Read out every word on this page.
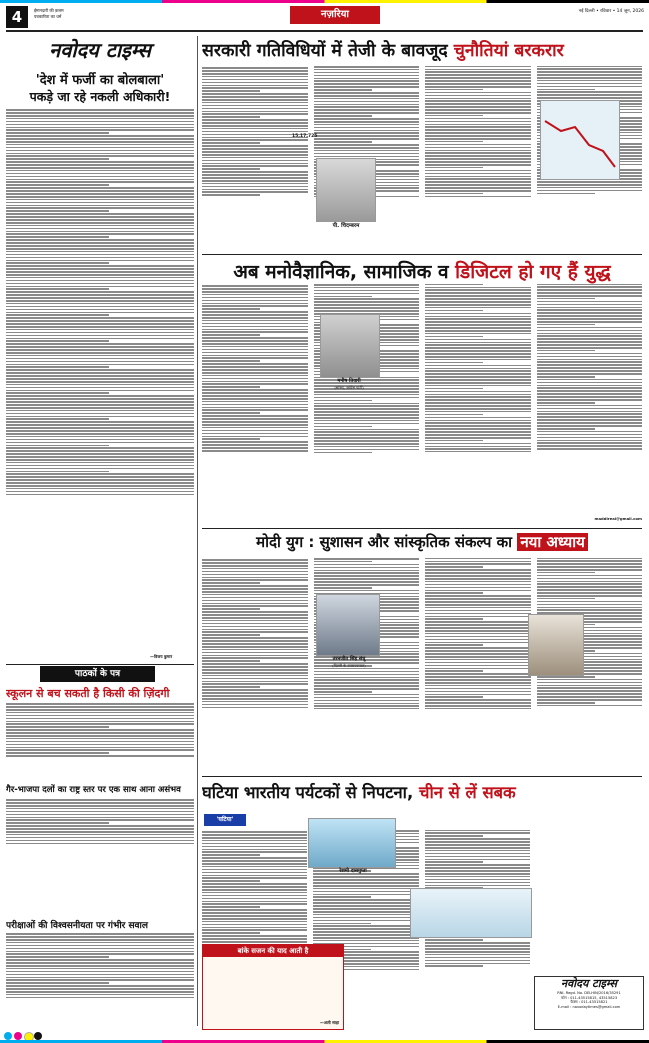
4	ईमानदारी की क़लम
पत्रकारिता का धर्म	नज़रिया	नई दिल्ली • रविवार • 14 जून, 2026
नवोदय टाइम्स
'देश में फर्जी का बोलबाला'
पकड़े जा रहे नकली अधिकारी!
—विजय कुमार
पाठकों के पत्र
स्कूलन से बच सकती है किसी की ज़िंदगी
गैर-भाजपा दलों का राष्ट्र स्तर पर एक साथ आना असंभव
परीक्षाओं की विश्वसनीयता पर गंभीर सवाल
सरकारी गतिविधियों में तेजी के बावजूद चुनौतियां बरकरार
पी. चिदम्बरम
15,17,725
अब मनोवैज्ञानिक, सामाजिक व डिजिटल हो गए हैं युद्ध
मनीष तिवारी
(सांसद, कांग्रेस पार्टी)
maddireal@gmail.com
मोदी युग : सुशासन और सांस्कृतिक संकल्प का नया अध्याय
तरनजीत सिंह संधू
(दिल्ली के उपराज्यपाल)
घटिया भारतीय पर्यटकों से निपटना, चीन से लें सबक
'घटिया'
रेशमी दासगुप्ता
बांके सजन की याद आती है
—अली साहा
नवोदय टाइम्स
RNI. Regd. No. DELHIN/2016/35291
फोन : 011-43515815, 43515823
फैक्स : 011-43515821
E-mail : navodaytimes@gmail.com
